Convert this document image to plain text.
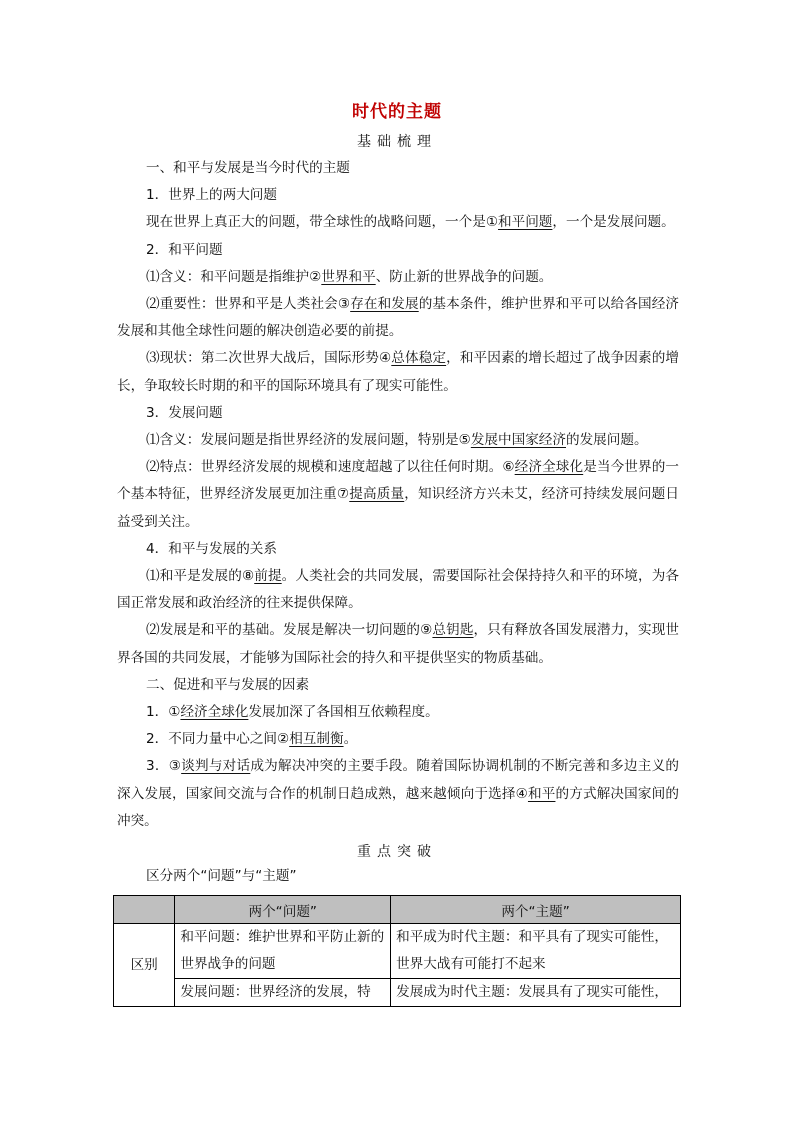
时代的主题
基础梳理

一、和平与发展是当今时代的主题

1．世界上的两大问题

现在世界上真正大的问题，带全球性的战略问题，一个是①和平问题，一个是发展问题。

2．和平问题

⑴含义：和平问题是指维护②世界和平、防止新的世界战争的问题。

⑵重要性：世界和平是人类社会③存在和发展的基本条件，维护世界和平可以给各国经济发展和其他全球性问题的解决创造必要的前提。

⑶现状：第二次世界大战后，国际形势④总体稳定，和平因素的增长超过了战争因素的增长，争取较长时期的和平的国际环境具有了现实可能性。

3．发展问题

⑴含义：发展问题是指世界经济的发展问题，特别是⑤发展中国家经济的发展问题。

⑵特点：世界经济发展的规模和速度超越了以往任何时期。⑥经济全球化是当今世界的一个基本特征，世界经济发展更加注重⑦提高质量，知识经济方兴未艾，经济可持续发展问题日益受到关注。

4．和平与发展的关系

⑴和平是发展的⑧前提。人类社会的共同发展，需要国际社会保持持久和平的环境，为各国正常发展和政治经济的往来提供保障。

⑵发展是和平的基础。发展是解决一切问题的⑨总钥匙，只有释放各国发展潜力，实现世界各国的共同发展，才能够为国际社会的持久和平提供坚实的物质基础。

二、促进和平与发展的因素

1．①经济全球化发展加深了各国相互依赖程度。

2．不同力量中心之间②相互制衡。

3．③谈判与对话成为解决冲突的主要手段。随着国际协调机制的不断完善和多边主义的深入发展，国家间交流与合作的机制日趋成熟，越来越倾向于选择④和平的方式解决国家间的冲突。

重点突破
区分两个“问题”与“主题”
	两个“问题”	两个“主题”
区别	和平问题：维护世界和平防止新的世界战争的问题	和平成为时代主题：和平具有了现实可能性，世界大战有可能打不起来
	发展问题：世界经济的发展，特	发展成为时代主题：发展具有了现实可能性，
